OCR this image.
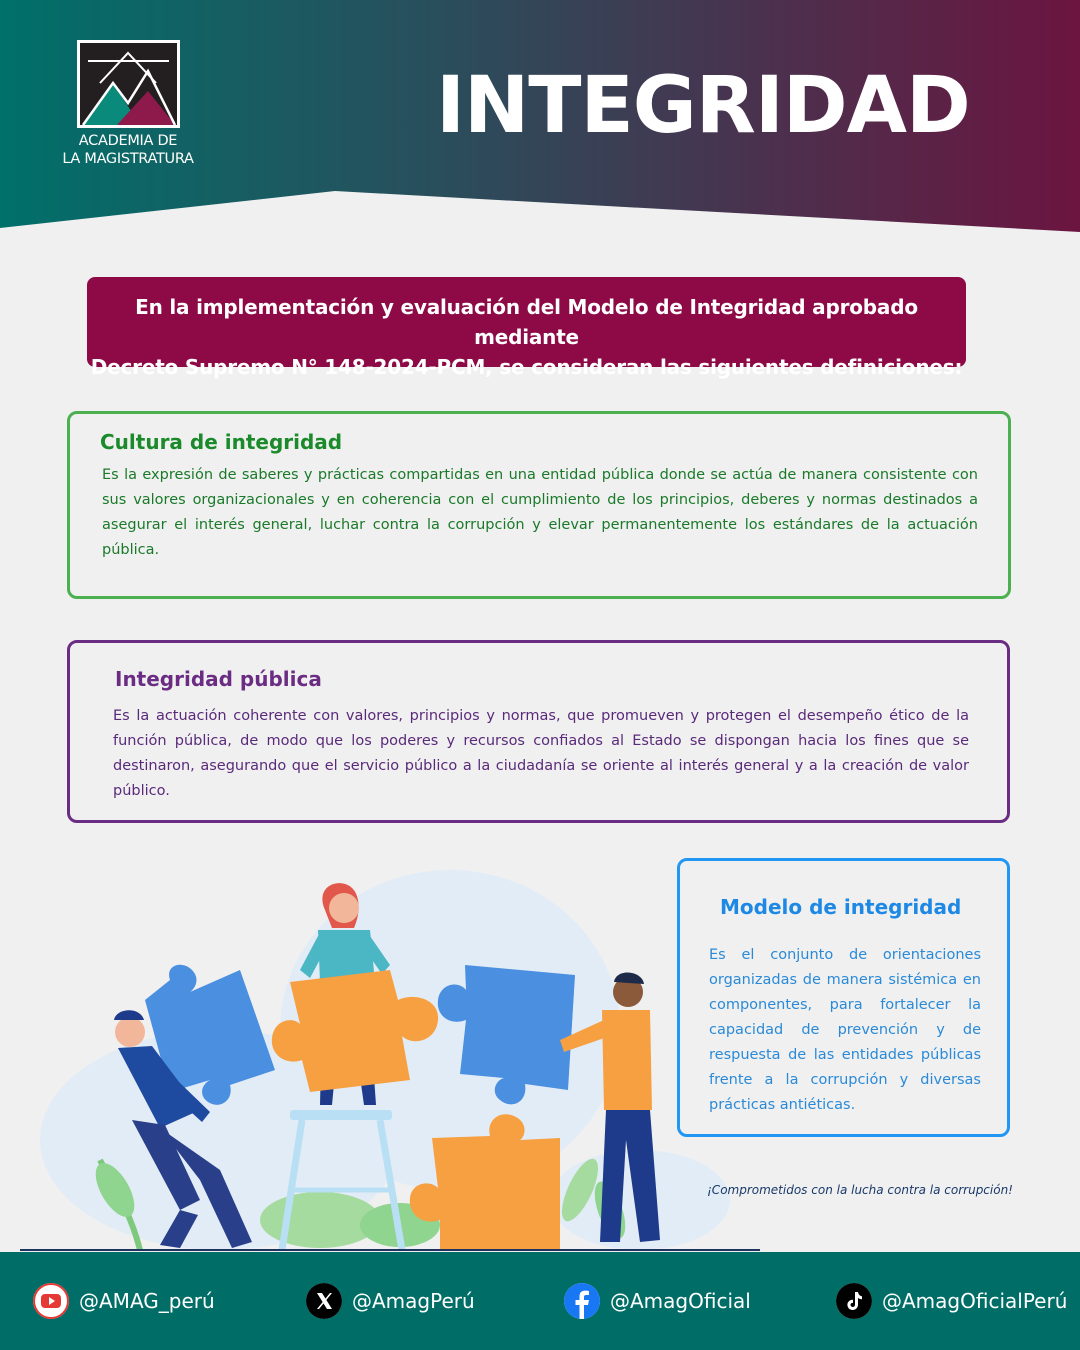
ACADEMIA DE
LA MAGISTRATURA
INTEGRIDAD
En la implementación y evaluación del Modelo de Integridad aprobado mediante
Decreto Supremo N° 148-2024-PCM, se consideran las siguientes definiciones:
Cultura de integridad

Es la expresión de saberes y prácticas compartidas en una entidad pública donde se actúa de manera consistente con sus valores organizacionales y en coherencia con el cumplimiento de los principios, deberes y normas destinados a asegurar el interés general, luchar contra la corrupción y elevar permanentemente los estándares de la actuación pública.

Integridad pública

Es la actuación coherente con valores, principios y normas, que promueven y protegen el desempeño ético de la función pública, de modo que los poderes y recursos confiados al Estado se dispongan hacia los fines que se destinaron, asegurando que el servicio público a la ciudadanía se oriente al interés general y a la creación de valor público.

Modelo de integridad

Es el conjunto de orientaciones organizadas de manera sistémica en componentes, para fortalecer la capacidad de prevención y de respuesta de las entidades públicas frente a la corrupción y diversas prácticas antiéticas.

¡Comprometidos con la lucha contra la corrupción!
@AMAG_perú	@AmagPerú	@AmagOficial	@AmagOficialPerú
